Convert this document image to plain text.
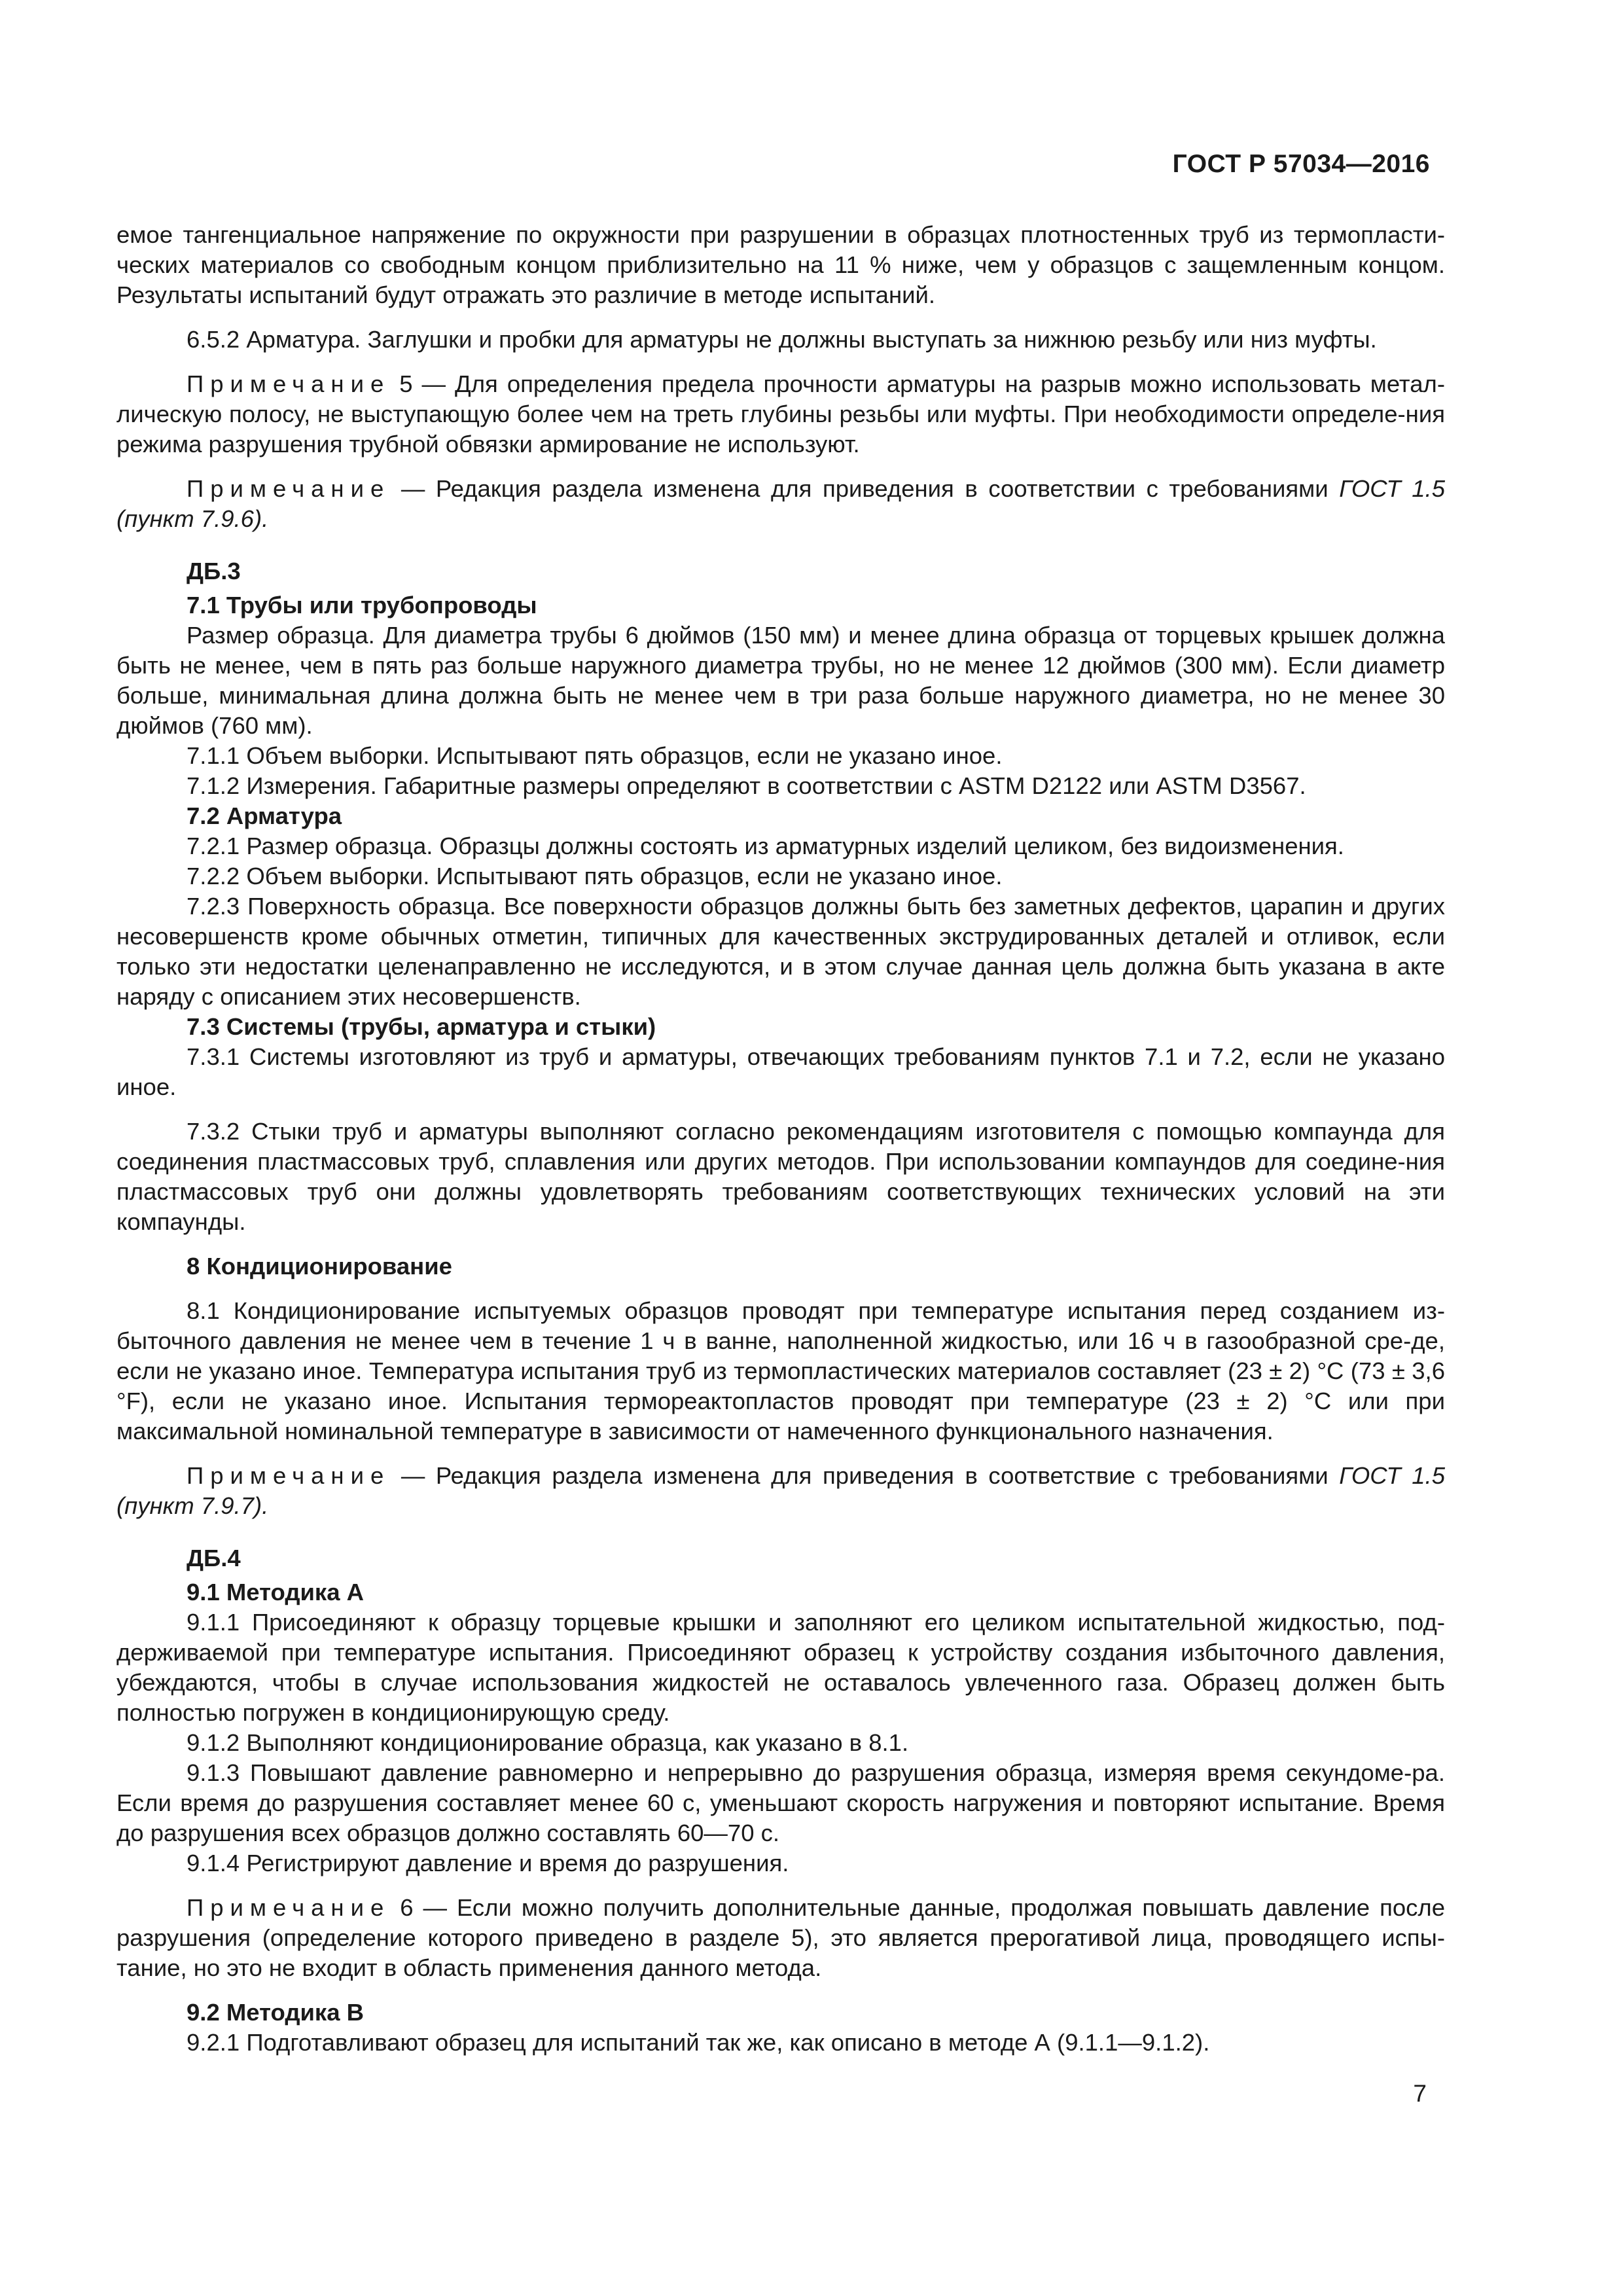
ГОСТ Р 57034—2016

емое тангенциальное напряжение по окружности при разрушении в образцах плотностенных труб из термопласти-ческих материалов со свободным концом приблизительно на 11 % ниже, чем у образцов с защемленным концом. Результаты испытаний будут отражать это различие в методе испытаний.

6.5.2 Арматура. Заглушки и пробки для арматуры не должны выступать за нижнюю резьбу или низ муфты.

Примечание 5 — Для определения предела прочности арматуры на разрыв можно использовать метал-лическую полосу, не выступающую более чем на треть глубины резьбы или муфты. При необходимости определе-ния режима разрушения трубной обвязки армирование не используют.

Примечание — Редакция раздела изменена для приведения в соответствии с требованиями ГОСТ 1.5 (пункт 7.9.6).

ДБ.3

7.1 Трубы или трубопроводы

Размер образца. Для диаметра трубы 6 дюймов (150 мм) и менее длина образца от торцевых крышек должна быть не менее, чем в пять раз больше наружного диаметра трубы, но не менее 12 дюймов (300 мм). Если диаметр больше, минимальная длина должна быть не менее чем в три раза больше наружного диаметра, но не менее 30 дюймов (760 мм).

7.1.1 Объем выборки. Испытывают пять образцов, если не указано иное.

7.1.2 Измерения. Габаритные размеры определяют в соответствии с ASTM D2122 или ASTM D3567.

7.2 Арматура

7.2.1 Размер образца. Образцы должны состоять из арматурных изделий целиком, без видоизменения.

7.2.2 Объем выборки. Испытывают пять образцов, если не указано иное.

7.2.3 Поверхность образца. Все поверхности образцов должны быть без заметных дефектов, царапин и других несовершенств кроме обычных отметин, типичных для качественных экструдированных деталей и отливок, если только эти недостатки целенаправленно не исследуются, и в этом случае данная цель должна быть указана в акте наряду с описанием этих несовершенств.

7.3 Системы (трубы, арматура и стыки)

7.3.1 Системы изготовляют из труб и арматуры, отвечающих требованиям пунктов 7.1 и 7.2, если не указано иное.

7.3.2 Стыки труб и арматуры выполняют согласно рекомендациям изготовителя с помощью компаунда для соединения пластмассовых труб, сплавления или других методов. При использовании компаундов для соедине-ния пластмассовых труб они должны удовлетворять требованиям соответствующих технических условий на эти компаунды.

8 Кондиционирование

8.1 Кондиционирование испытуемых образцов проводят при температуре испытания перед созданием из-быточного давления не менее чем в течение 1 ч в ванне, наполненной жидкостью, или 16 ч в газообразной сре-де, если не указано иное. Температура испытания труб из термопластических материалов составляет (23 ± 2) °С (73 ± 3,6 °F), если не указано иное. Испытания термореактопластов проводят при температуре (23 ± 2) °С или при максимальной номинальной температуре в зависимости от намеченного функционального назначения.

Примечание — Редакция раздела изменена для приведения в соответствие с требованиями ГОСТ 1.5 (пункт 7.9.7).

ДБ.4

9.1 Методика А

9.1.1 Присоединяют к образцу торцевые крышки и заполняют его целиком испытательной жидкостью, под-держиваемой при температуре испытания. Присоединяют образец к устройству создания избыточного давления, убеждаются, чтобы в случае использования жидкостей не оставалось увлеченного газа. Образец должен быть полностью погружен в кондиционирующую среду.

9.1.2 Выполняют кондиционирование образца, как указано в 8.1.

9.1.3 Повышают давление равномерно и непрерывно до разрушения образца, измеряя время секундоме-ра. Если время до разрушения составляет менее 60 с, уменьшают скорость нагружения и повторяют испытание. Время до разрушения всех образцов должно составлять 60—70 с.

9.1.4 Регистрируют давление и время до разрушения.

Примечание 6 — Если можно получить дополнительные данные, продолжая повышать давление после разрушения (определение которого приведено в разделе 5), это является прерогативой лица, проводящего испы-тание, но это не входит в область применения данного метода.

9.2 Методика В

9.2.1 Подготавливают образец для испытаний так же, как описано в методе А (9.1.1—9.1.2).

7
